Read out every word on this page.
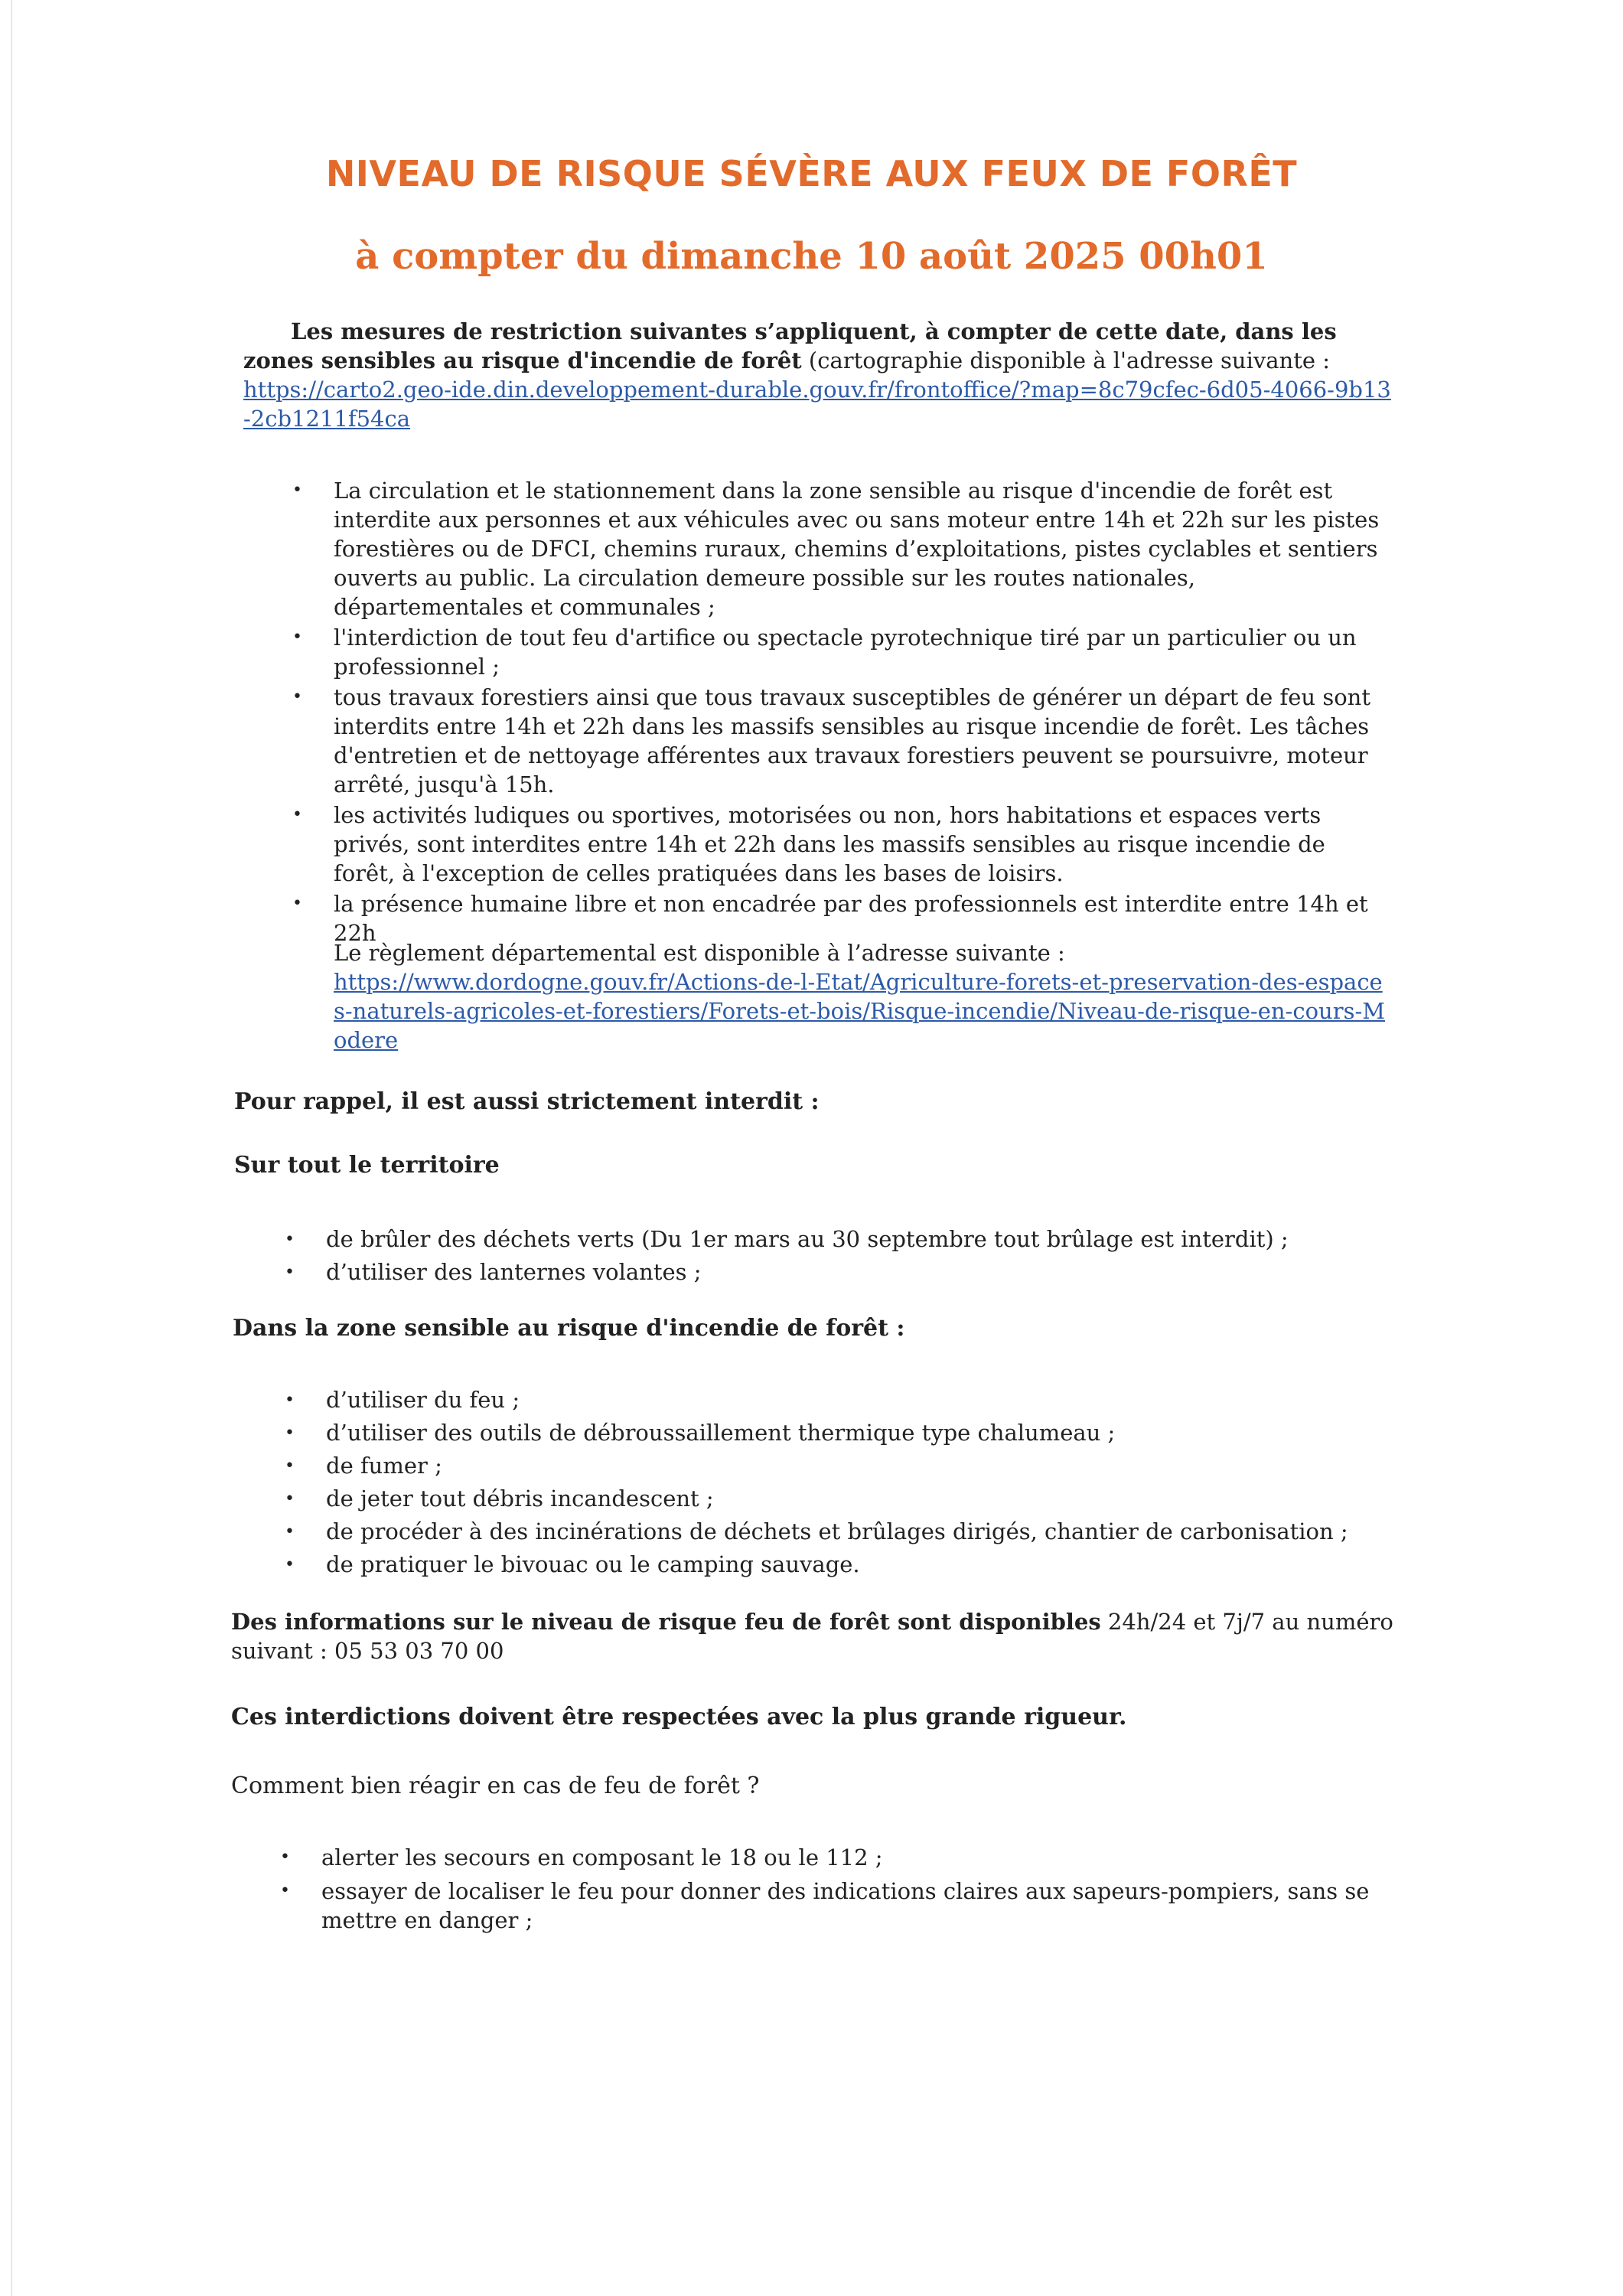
NIVEAU DE RISQUE SÉVÈRE AUX FEUX DE FORÊT
à compter du dimanche 10 août 2025 00h01
Les mesures de restriction suivantes s’appliquent, à compter de cette date, dans les zones sensibles au risque d'incendie de forêt (cartographie disponible à l'adresse suivante :
https://carto2.geo-ide.din.developpement-durable.gouv.fr/frontoffice/?map=8c79cfec-6d05-4066-9b13-2cb1211f54ca
• La circulation et le stationnement dans la zone sensible au risque d'incendie de forêt est interdite aux personnes et aux véhicules avec ou sans moteur entre 14h et 22h sur les pistes forestières ou de DFCI, chemins ruraux, chemins d’exploitations, pistes cyclables et sentiers ouverts au public. La circulation demeure possible sur les routes nationales, départementales et communales ;
• l'interdiction de tout feu d'artifice ou spectacle pyrotechnique tiré par un particulier ou un professionnel ;
• tous travaux forestiers ainsi que tous travaux susceptibles de générer un départ de feu sont interdits entre 14h et 22h dans les massifs sensibles au risque incendie de forêt. Les tâches d'entretien et de nettoyage afférentes aux travaux forestiers peuvent se poursuivre, moteur arrêté, jusqu'à 15h.
• les activités ludiques ou sportives, motorisées ou non, hors habitations et espaces verts privés, sont interdites entre 14h et 22h dans les massifs sensibles au risque incendie de forêt, à l'exception de celles pratiquées dans les bases de loisirs.
• la présence humaine libre et non encadrée par des professionnels est interdite entre 14h et 22h
Le règlement départemental est disponible à l’adresse suivante :
https://www.dordogne.gouv.fr/Actions-de-l-Etat/Agriculture-forets-et-preservation-des-espaces-naturels-agricoles-et-forestiers/Forets-et-bois/Risque-incendie/Niveau-de-risque-en-cours-Modere
Pour rappel, il est aussi strictement interdit :
Sur tout le territoire
• de brûler des déchets verts (Du 1er mars au 30 septembre tout brûlage est interdit) ;
• d’utiliser des lanternes volantes ;
Dans la zone sensible au risque d'incendie de forêt :
• d’utiliser du feu ;
• d’utiliser des outils de débroussaillement thermique type chalumeau ;
• de fumer ;
• de jeter tout débris incandescent ;
• de procéder à des incinérations de déchets et brûlages dirigés, chantier de carbonisation ;
• de pratiquer le bivouac ou le camping sauvage.
Des informations sur le niveau de risque feu de forêt sont disponibles 24h/24 et 7j/7 au numéro suivant : 05 53 03 70 00
Ces interdictions doivent être respectées avec la plus grande rigueur.
Comment bien réagir en cas de feu de forêt ?
• alerter les secours en composant le 18 ou le 112 ;
• essayer de localiser le feu pour donner des indications claires aux sapeurs-pompiers, sans se mettre en danger ;
